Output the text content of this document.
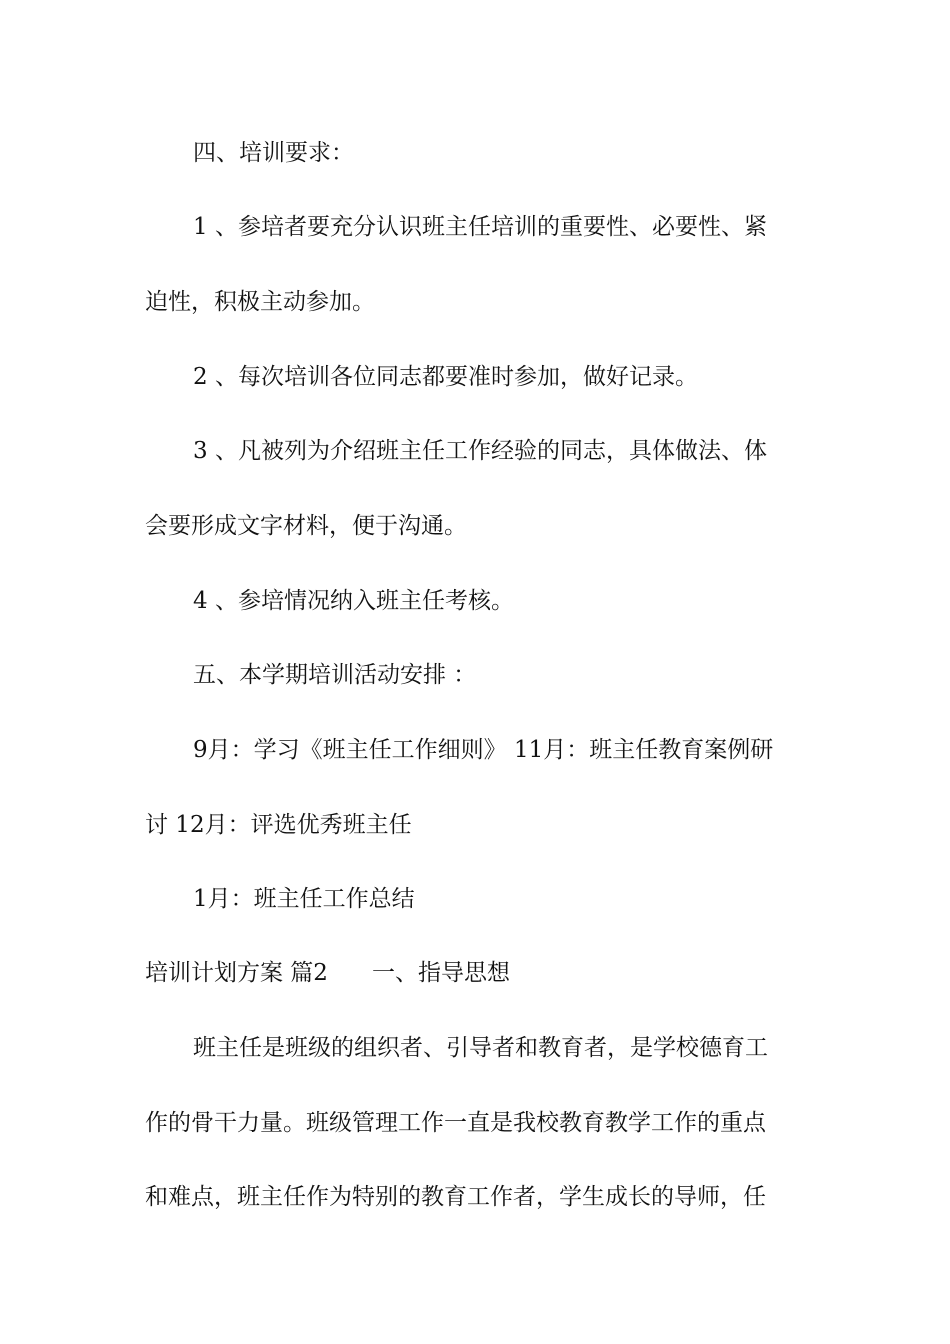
四、培训要求：
1 、参培者要充分认识班主任培训的重要性、必要性、紧
迫性，积极主动参加。
2 、每次培训各位同志都要准时参加，做好记录。
3 、凡被列为介绍班主任工作经验的同志，具体做法、体
会要形成文字材料，便于沟通。
4 、参培情况纳入班主任考核。
五、本学期培训活动安排 ：
9月：学习《班主任工作细则》 11月：班主任教育案例研
讨 12月：评选优秀班主任
1月：班主任工作总结
培训计划方案 篇2 一、指导思想
班主任是班级的组织者、引导者和教育者，是学校德育工
作的骨干力量。班级管理工作一直是我校教育教学工作的重点
和难点，班主任作为特别的教育工作者，学生成长的导师，任
